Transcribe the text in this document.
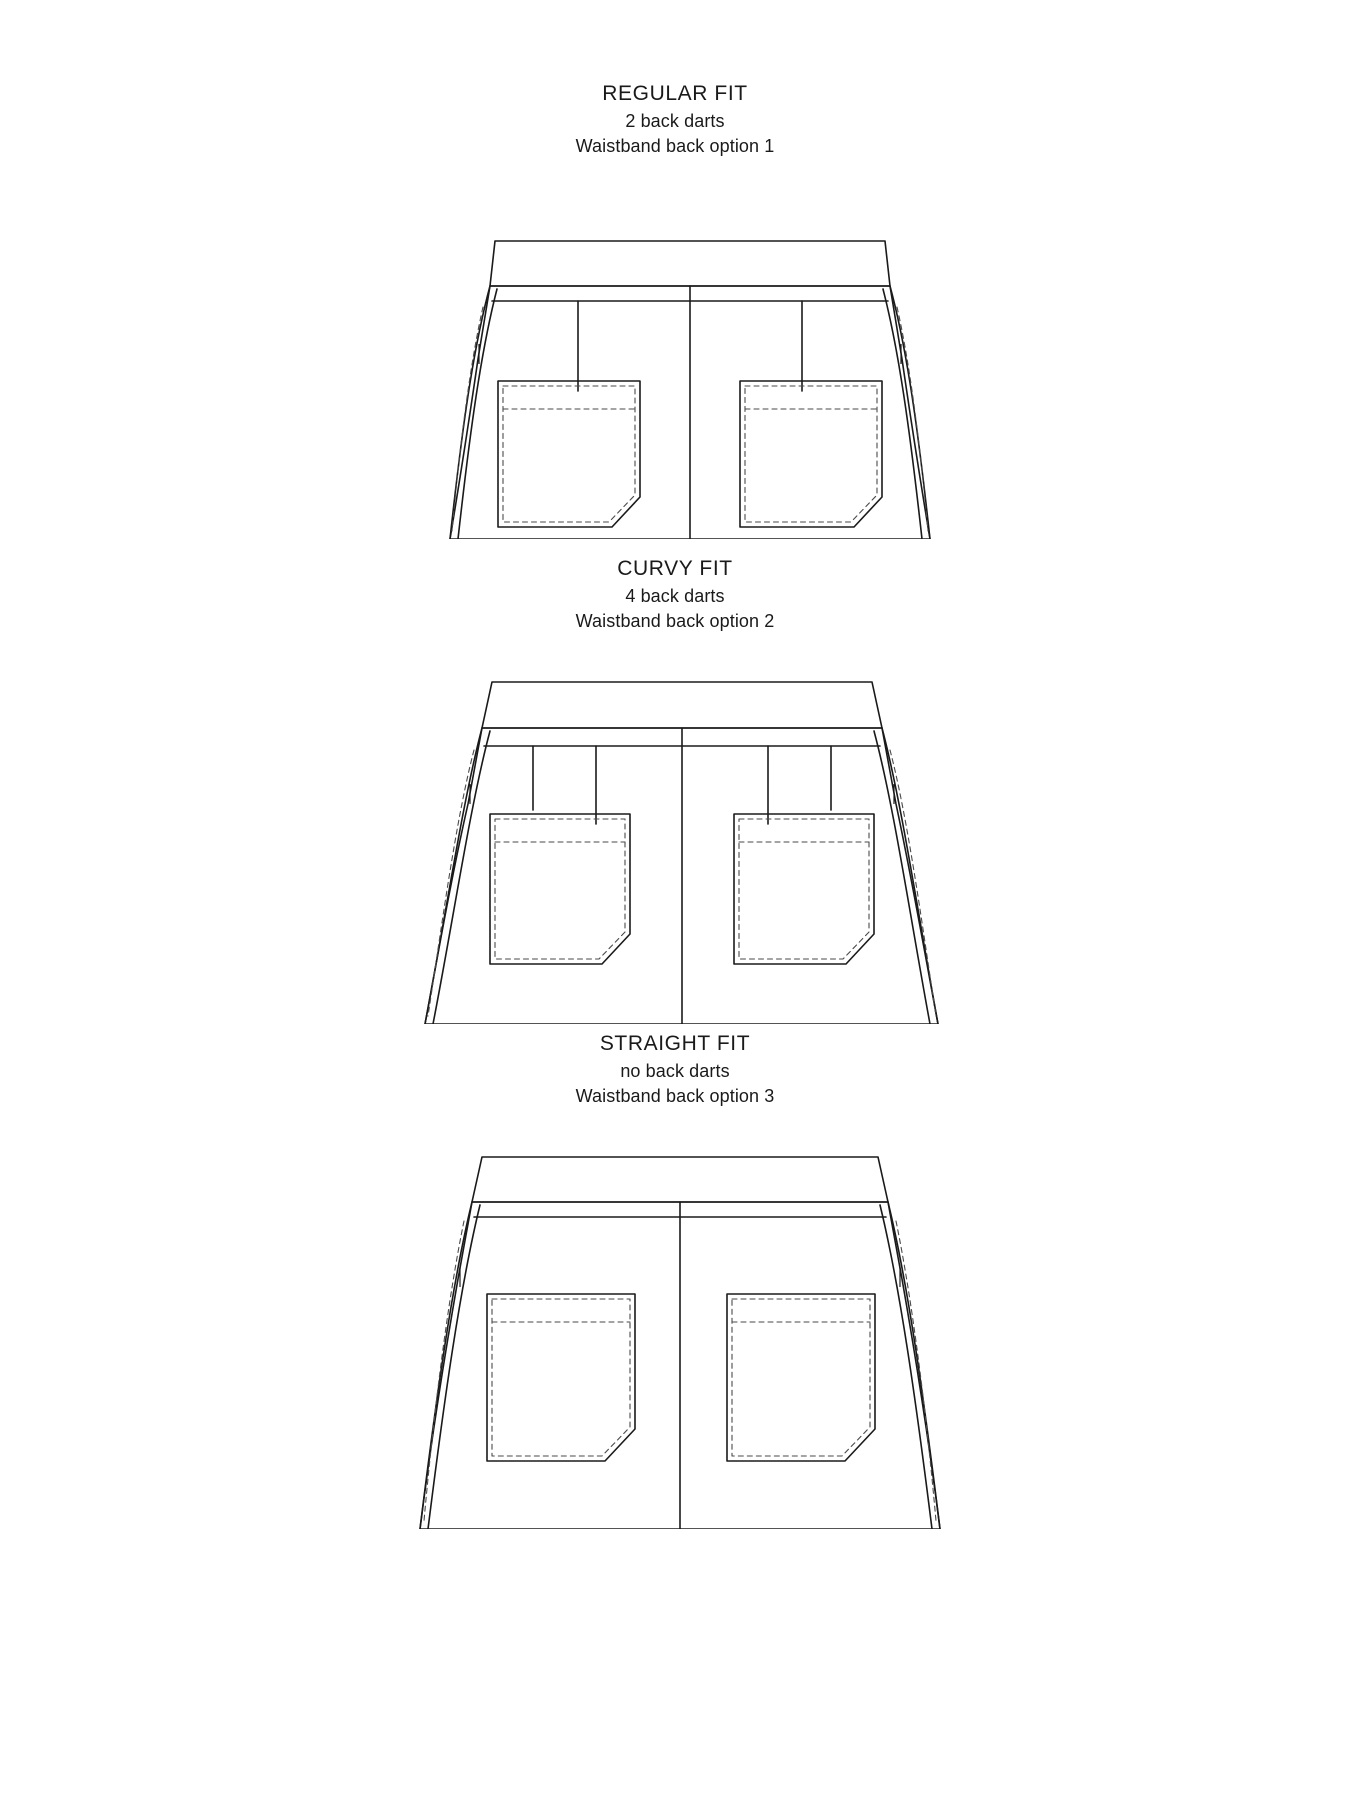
REGULAR FIT
2 back darts
Waistband back option 1
CURVY FIT
4 back darts
Waistband back option 2
STRAIGHT FIT
no back darts
Waistband back option 3
